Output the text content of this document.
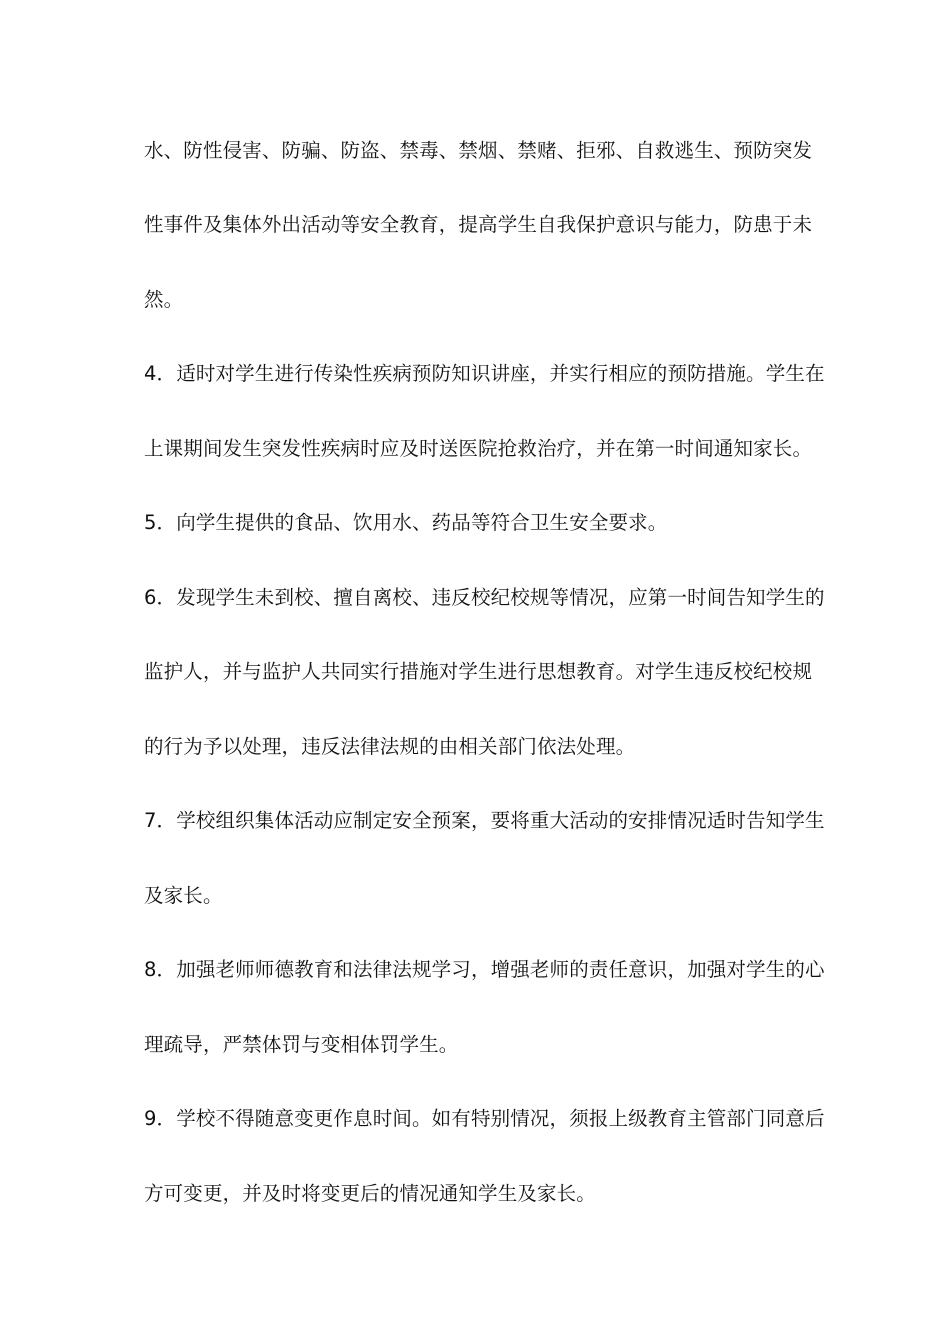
水、防性侵害、防骗、防盗、禁毒、禁烟、禁赌、拒邪、自救逃生、预防突发
性事件及集体外出活动等安全教育，提高学生自我保护意识与能力，防患于未
然。
4．适时对学生进行传染性疾病预防知识讲座，并实行相应的预防措施。学生在
上课期间发生突发性疾病时应及时送医院抢救治疗，并在第一时间通知家长。
5．向学生提供的食品、饮用水、药品等符合卫生安全要求。
6．发现学生未到校、擅自离校、违反校纪校规等情况，应第一时间告知学生的
监护人，并与监护人共同实行措施对学生进行思想教育。对学生违反校纪校规
的行为予以处理，违反法律法规的由相关部门依法处理。
7．学校组织集体活动应制定安全预案，要将重大活动的安排情况适时告知学生
及家长。
8．加强老师师德教育和法律法规学习，增强老师的责任意识，加强对学生的心
理疏导，严禁体罚与变相体罚学生。
9．学校不得随意变更作息时间。如有特别情况，须报上级教育主管部门同意后
方可变更，并及时将变更后的情况通知学生及家长。
